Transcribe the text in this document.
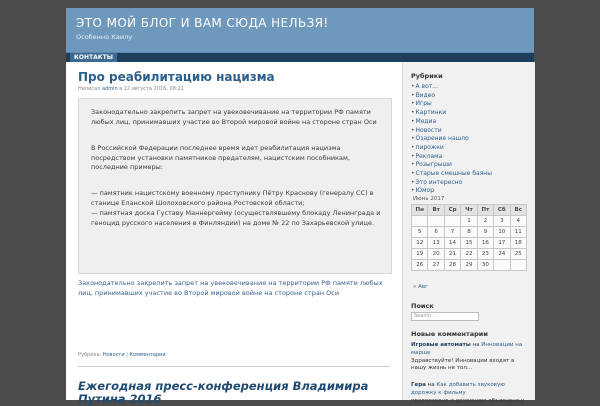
ЭТО МОЙ БЛОГ И ВАМ СЮДА НЕЛЬЗЯ!
Особенно Каилу
КОНТАКТЫ
Про реабилитацию нацизма
Написал admin в 12 августа 2016, 08:21

Законодательно закрепить запрет на увековечивание на территории РФ памяти любых лиц, принимавших участие во Второй мировой войне на стороне стран Оси

В Российской Федерации последнее время идет реабилитация нацизма посредством установки памятников предателям, нацистским пособникам, последние примеры:

— памятник нацистскому военному преступнику Пётру Краснову (генералу СС) в станице Еланской Шолоховского района Ростовской области;

— памятная доска Густаву Маннергейму (осуществлявшему блокаду Ленинграда и геноцид русского населения в Финляндии) на доме № 22 по Захарьевской улице.

Законодательно закрепить запрет на увековечивание на территории РФ памяти любых лиц, принимавших участие во Второй мировой войне на стороне стран Оси

Рубрика: Новости | Комментарии
Ежегодная пресс-конференция Владимира Путина 2016
Рубрики
•А вот...
•Видео
•Игры
•Картинки
•Медиа
•Новости
•Озарение нашло
•пирожки
•Реклама
•Розыгрыши
•Старые смешные баяны
•Это интересно
•Юмор
Июнь 2017
Пн	Вт	Ср	Чт	Пт	Сб	Вс
			1	2	3	4
5	6	7	8	9	10	11
12	13	14	15	16	17	18
19	20	21	22	23	24	25
26	27	28	29	30		
« Авг
Поиск
Search ...
Новые комментарии

Игровые автоматы на Инновации на марше
Здравствуйте! Инновации входят в нашу жизнь не тол...

Гера на Как добавить звуковую дорожку к фильму
превосходно и доходчиво объяснено,у
